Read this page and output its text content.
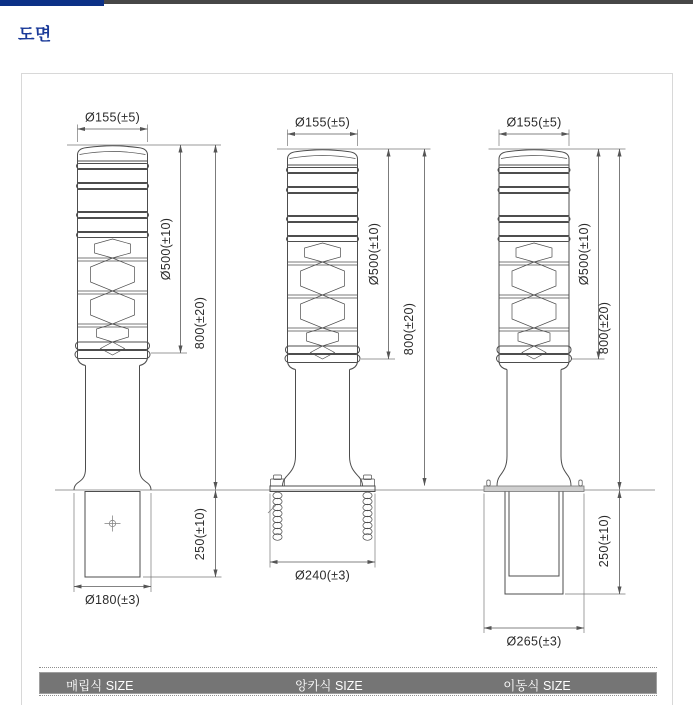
도면
Ø155(±5)
Ø500(±10)
800(±20)
250(±10)
Ø180(±3)
Ø155(±5)
Ø500(±10)
800(±20)
Ø240(±3)
Ø155(±5)
Ø500(±10)
800(±20)
250(±10)
Ø265(±3)
매립식 SIZE	앙카식 SIZE	이동식 SIZE
